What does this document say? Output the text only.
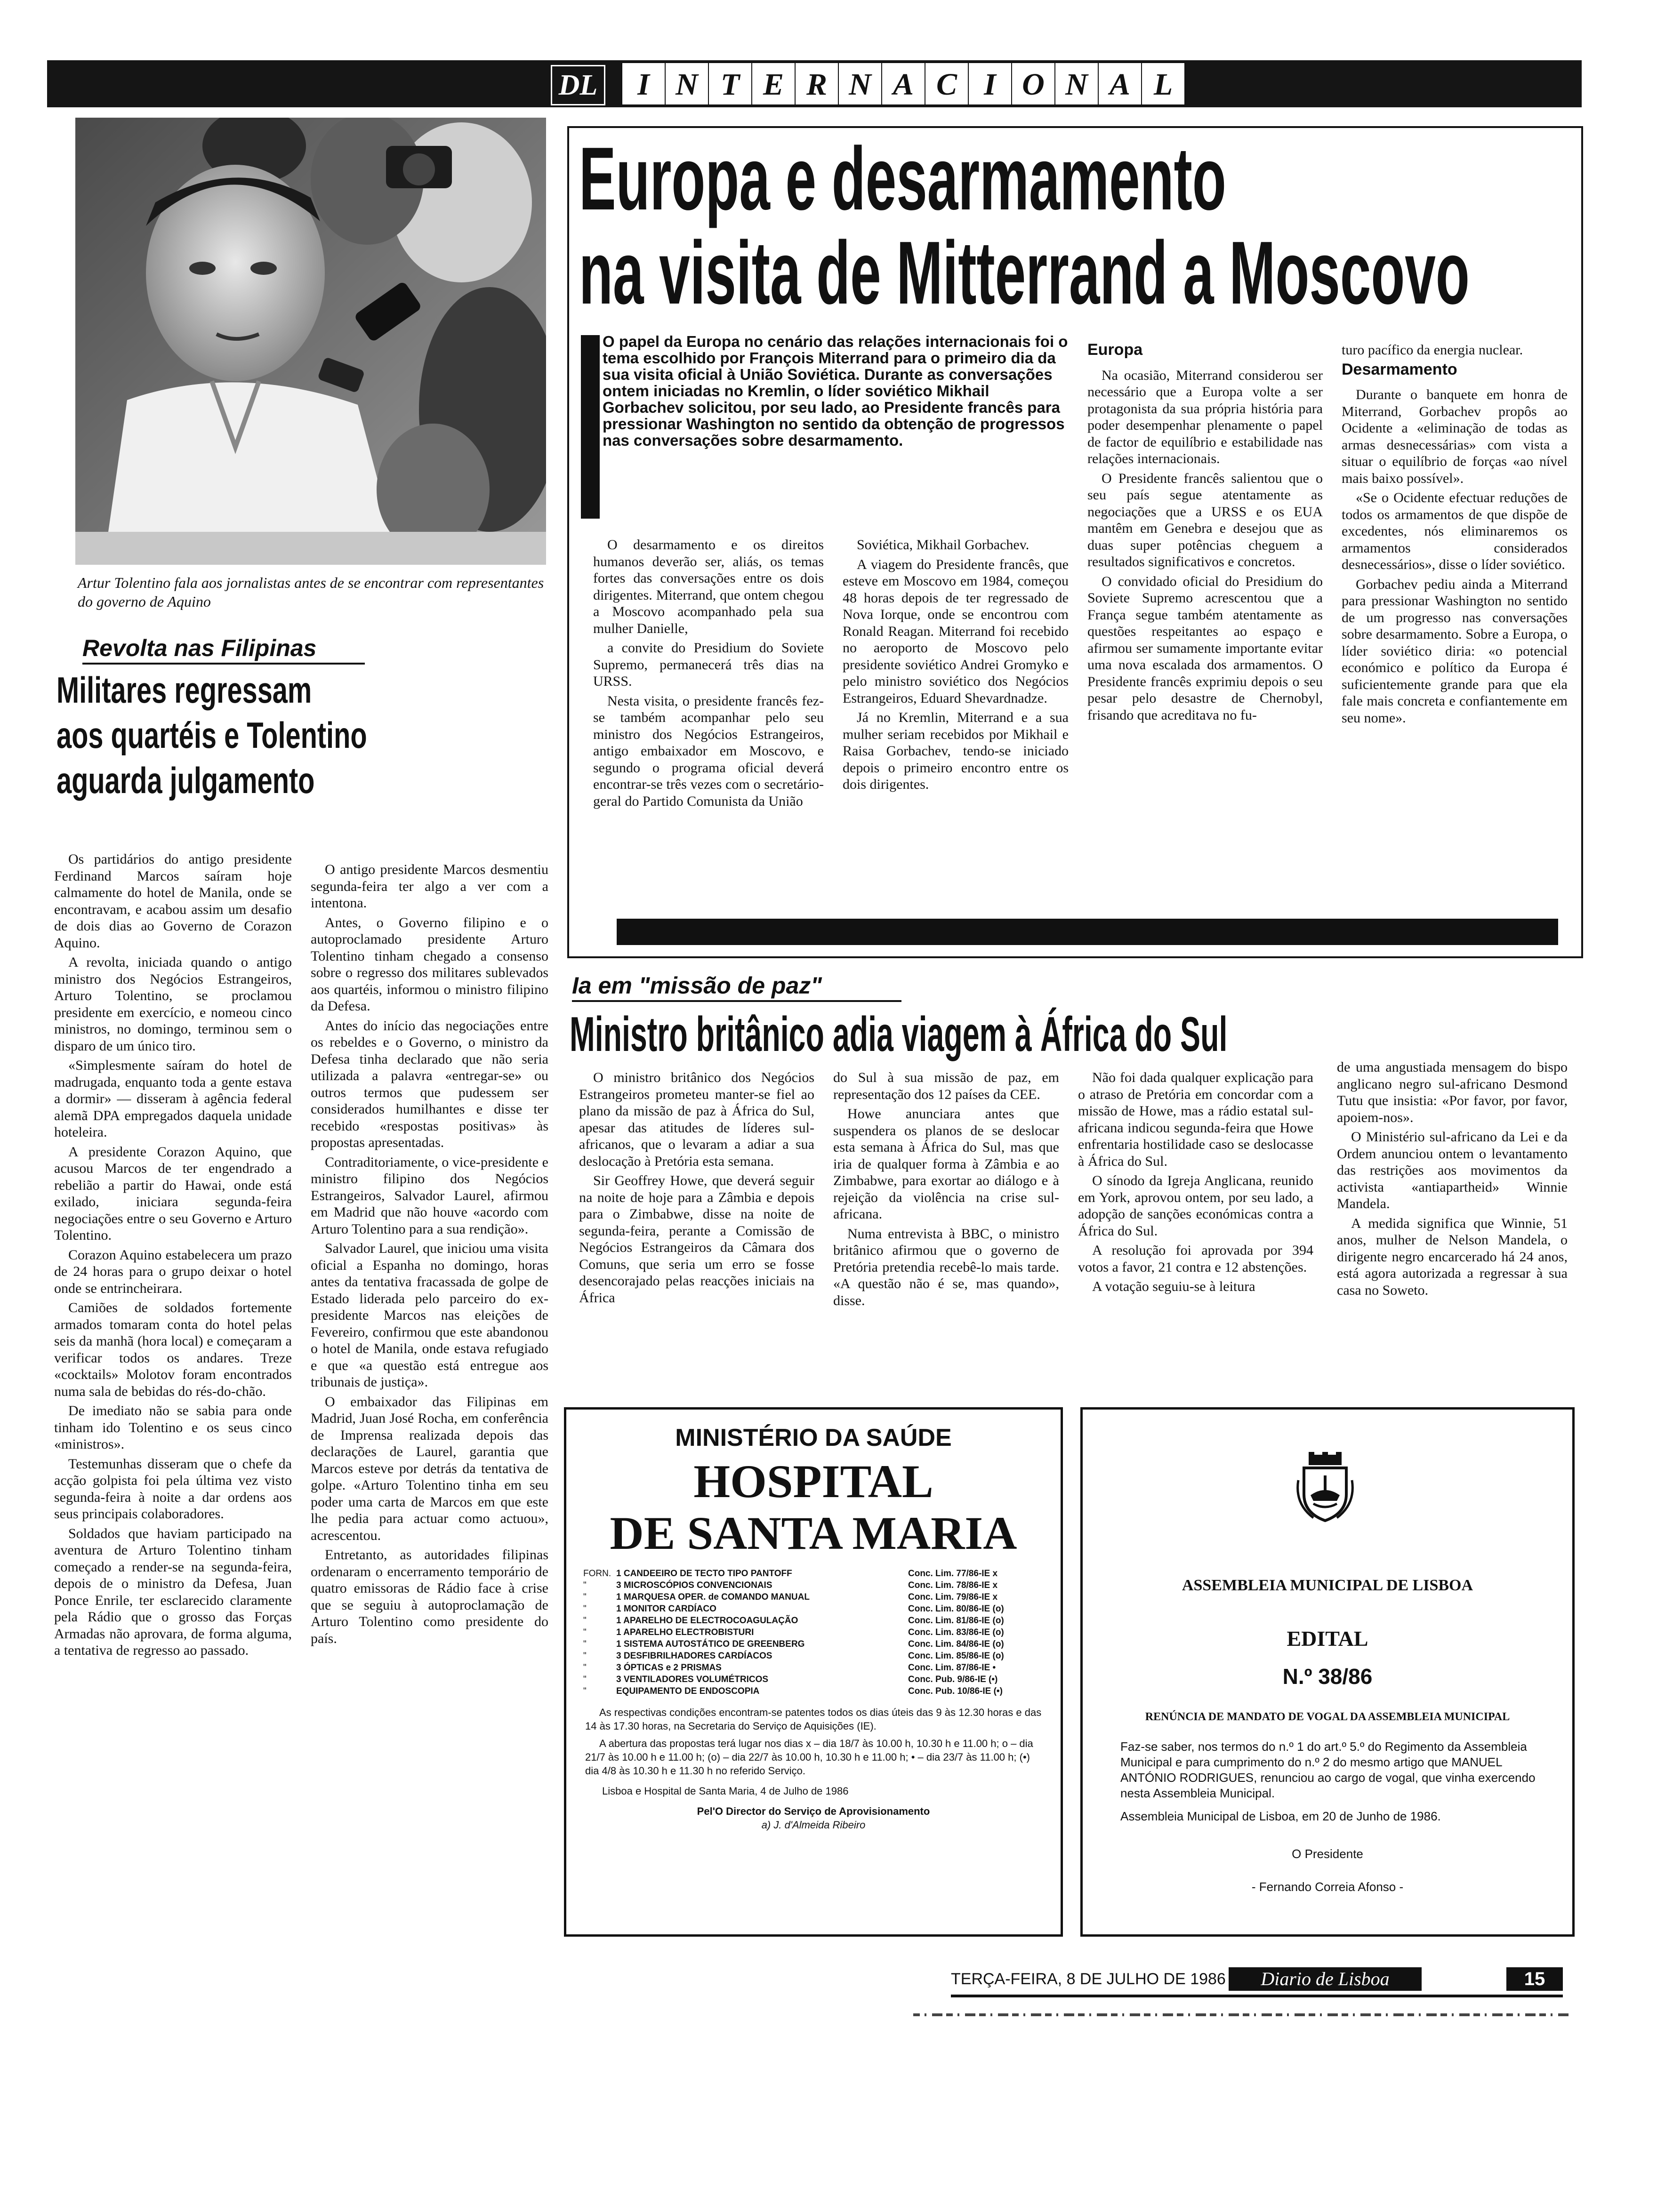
DL	I N T E R N A C I O N A L
Artur Tolentino fala aos jornalistas antes de se encontrar com representantes do governo de Aquino
Revolta nas Filipinas
Militares regressam
aos quartéis e Tolentino
aguarda julgamento

Os partidários do antigo presidente Ferdinand Marcos saíram hoje calmamente do hotel de Manila, onde se encontravam, e acabou assim um desafio de dois dias ao Governo de Corazon Aquino.

A revolta, iniciada quando o antigo ministro dos Negócios Estrangeiros, Arturo Tolentino, se proclamou presidente em exercício, e nomeou cinco ministros, no domingo, terminou sem o disparo de um único tiro.

«Simplesmente saíram do hotel de madrugada, enquanto toda a gente estava a dormir» — disseram à agência federal alemã DPA empregados daquela unidade hoteleira.

A presidente Corazon Aquino, que acusou Marcos de ter engendrado a rebelião a partir do Hawai, onde está exilado, iniciara segunda-feira negociações entre o seu Governo e Arturo Tolentino.

Corazon Aquino estabelecera um prazo de 24 horas para o grupo deixar o hotel onde se entrincheirara.

Camiões de soldados fortemente armados tomaram conta do hotel pelas seis da manhã (hora local) e começaram a verificar todos os andares. Treze «cocktails» Molotov foram encontrados numa sala de bebidas do rés-do-chão.

De imediato não se sabia para onde tinham ido Tolentino e os seus cinco «ministros».

Testemunhas disseram que o chefe da acção golpista foi pela última vez visto segunda-feira à noite a dar ordens aos seus principais colaboradores.

Soldados que haviam participado na aventura de Arturo Tolentino tinham começado a render-se na segunda-feira, depois de o ministro da Defesa, Juan Ponce Enrile, ter esclarecido claramente pela Rádio que o grosso das Forças Armadas não aprovara, de forma alguma, a tentativa de regresso ao passado.

O antigo presidente Marcos desmentiu segunda-feira ter algo a ver com a intentona.

Antes, o Governo filipino e o autoproclamado presidente Arturo Tolentino tinham chegado a consenso sobre o regresso dos militares sublevados aos quartéis, informou o ministro filipino da Defesa.

Antes do início das negociações entre os rebeldes e o Governo, o ministro da Defesa tinha declarado que não seria utilizada a palavra «entregar-se» ou outros termos que pudessem ser considerados humilhantes e disse ter recebido «respostas positivas» às propostas apresentadas.

Contraditoriamente, o vice-presidente e ministro filipino dos Negócios Estrangeiros, Salvador Laurel, afirmou em Madrid que não houve «acordo com Arturo Tolentino para a sua rendição».

Salvador Laurel, que iniciou uma visita oficial a Espanha no domingo, horas antes da tentativa fracassada de golpe de Estado liderada pelo parceiro do ex-presidente Marcos nas eleições de Fevereiro, confirmou que este abandonou o hotel de Manila, onde estava refugiado e que «a questão está entregue aos tribunais de justiça».

O embaixador das Filipinas em Madrid, Juan José Rocha, em conferência de Imprensa realizada depois das declarações de Laurel, garantia que Marcos esteve por detrás da tentativa de golpe. «Arturo Tolentino tinha em seu poder uma carta de Marcos em que este lhe pedia para actuar como actuou», acrescentou.

Entretanto, as autoridades filipinas ordenaram o encerramento temporário de quatro emissoras de Rádio face à crise que se seguiu à autoproclamação de Arturo Tolentino como presidente do país.

Europa e desarmamento
na visita de Mitterrand a Moscovo
O papel da Europa no cenário das relações internacionais foi o tema escolhido por François Miterrand para o primeiro dia da sua visita oficial à União Soviética. Durante as conversações ontem iniciadas no Kremlin, o líder soviético Mikhail Gorbachev solicitou, por seu lado, ao Presidente francês para pressionar Washington no sentido da obtenção de progressos nas conversações sobre desarmamento.

O desarmamento e os direitos humanos deverão ser, aliás, os temas fortes das conversações entre os dois dirigentes. Miterrand, que ontem chegou a Moscovo acompanhado pela sua mulher Danielle,

a convite do Presidium do Soviete Supremo, permanecerá três dias na URSS.

Nesta visita, o presidente francês fez-se também acompanhar pelo seu ministro dos Negócios Estrangeiros, antigo embaixador em Moscovo, e segundo o programa oficial deverá encontrar-se três vezes com o secretário-geral do Partido Comunista da União

Soviética, Mikhail Gorbachev.

A viagem do Presidente francês, que esteve em Moscovo em 1984, começou 48 horas depois de ter regressado de Nova Iorque, onde se encontrou com Ronald Reagan. Miterrand foi recebido no aeroporto de Moscovo pelo presidente soviético Andrei Gromyko e pelo ministro soviético dos Negócios Estrangeiros, Eduard Shevardnadze.

Já no Kremlin, Miterrand e a sua mulher seriam recebidos por Mikhail e Raisa Gorbachev, tendo-se iniciado depois o primeiro encontro entre os dois dirigentes.

Europa

Na ocasião, Miterrand considerou ser necessário que a Europa volte a ser protagonista da sua própria história para poder desempenhar plenamente o papel de factor de equilíbrio e estabilidade nas relações internacionais.

O Presidente francês salientou que o seu país segue atentamente as negociações que a URSS e os EUA mantêm em Genebra e desejou que as duas super potências cheguem a resultados significativos e concretos.

O convidado oficial do Presidium do Soviete Supremo acrescentou que a França segue também atentamente as questões respeitantes ao espaço e afirmou ser sumamente importante evitar uma nova escalada dos armamentos. O Presidente francês exprimiu depois o seu pesar pelo desastre de Chernobyl, frisando que acreditava no fu-

turo pacífico da energia nuclear.

Desarmamento

Durante o banquete em honra de Miterrand, Gorbachev propôs ao Ocidente a «eliminação de todas as armas desnecessárias» com vista a situar o equilíbrio de forças «ao nível mais baixo possível».

«Se o Ocidente efectuar reduções de todos os armamentos de que dispõe de excedentes, nós eliminaremos os armamentos considerados desnecessários», disse o líder soviético.

Gorbachev pediu ainda a Miterrand para pressionar Washington no sentido de um progresso nas conversações sobre desarmamento. Sobre a Europa, o líder soviético diria: «o potencial económico e político da Europa é suficientemente grande para que ela fale mais concreta e confiantemente em seu nome».

Ia em "missão de paz"
Ministro britânico adia viagem à África do Sul

O ministro britânico dos Negócios Estrangeiros prometeu manter-se fiel ao plano da missão de paz à África do Sul, apesar das atitudes de líderes sul-africanos, que o levaram a adiar a sua deslocação à Pretória esta semana.

Sir Geoffrey Howe, que deverá seguir na noite de hoje para a Zâmbia e depois para o Zimbabwe, disse na noite de segunda-feira, perante a Comissão de Negócios Estrangeiros da Câmara dos Comuns, que seria um erro se fosse desencorajado pelas reacções iniciais na África

do Sul à sua missão de paz, em representação dos 12 países da CEE.

Howe anunciara antes que suspendera os planos de se deslocar esta semana à África do Sul, mas que iria de qualquer forma à Zâmbia e ao Zimbabwe, para exortar ao diálogo e à rejeição da violência na crise sul-africana.

Numa entrevista à BBC, o ministro britânico afirmou que o governo de Pretória pretendia recebê-lo mais tarde. «A questão não é se, mas quando», disse.

Não foi dada qualquer explicação para o atraso de Pretória em concordar com a missão de Howe, mas a rádio estatal sul-africana indicou segunda-feira que Howe enfrentaria hostilidade caso se deslocasse à África do Sul.

O sínodo da Igreja Anglicana, reunido em York, aprovou ontem, por seu lado, a adopção de sanções económicas contra a África do Sul.

A resolução foi aprovada por 394 votos a favor, 21 contra e 12 abstenções.

A votação seguiu-se à leitura

de uma angustiada mensagem do bispo anglicano negro sul-africano Desmond Tutu que insistia: «Por favor, por favor, apoiem-nos».

O Ministério sul-africano da Lei e da Ordem anunciou ontem o levantamento das restrições aos movimentos da activista «antiapartheid» Winnie Mandela.

A medida significa que Winnie, 51 anos, mulher de Nelson Mandela, o dirigente negro encarcerado há 24 anos, está agora autorizada a regressar à sua casa no Soweto.

MINISTÉRIO DA SAÚDE
HOSPITAL
DE SANTA MARIA
FORN. 1 CANDEEIRO DE TECTO TIPO PANTOFF	Conc. Lim. 77/86-IE x
"	3 MICROSCÓPIOS CONVENCIONAIS	Conc. Lim. 78/86-IE x
"	1 MARQUESA OPER. de COMANDO MANUAL	Conc. Lim. 79/86-IE x
"	1 MONITOR CARDÍACO	Conc. Lim. 80/86-IE (o)
"	1 APARELHO DE ELECTROCOAGULAÇÃO	Conc. Lim. 81/86-IE (o)
"	1 APARELHO ELECTROBISTURI	Conc. Lim. 83/86-IE (o)
"	1 SISTEMA AUTOSTÁTICO DE GREENBERG	Conc. Lim. 84/86-IE (o)
"	3 DESFIBRILHADORES CARDÍACOS	Conc. Lim. 85/86-IE (o)
"	3 ÓPTICAS e 2 PRISMAS	Conc. Lim. 87/86-IE •
"	3 VENTILADORES VOLUMÉTRICOS	Conc. Pub. 9/86-IE (•)
"	EQUIPAMENTO DE ENDOSCOPIA	Conc. Pub. 10/86-IE (•)
As respectivas condições encontram-se patentes todos os dias úteis das 9 às 12.30 horas e das 14 às 17.30 horas, na Secretaria do Serviço de Aquisições (IE).
A abertura das propostas terá lugar nos dias x – dia 18/7 às 10.00 h, 10.30 h e 11.00 h; o – dia 21/7 às 10.00 h e 11.00 h; (o) – dia 22/7 às 10.00 h, 10.30 h e 11.00 h; • – dia 23/7 às 11.00 h; (•) dia 4/8 às 10.30 h e 11.30 h no referido Serviço.
Lisboa e Hospital de Santa Maria, 4 de Julho de 1986
Pel'O Director do Serviço de Aprovisionamento
a) J. d'Almeida Ribeiro
ASSEMBLEIA MUNICIPAL DE LISBOA
EDITAL
N.º 38/86
RENÚNCIA DE MANDATO DE VOGAL DA ASSEMBLEIA MUNICIPAL
Faz-se saber, nos termos do n.º 1 do art.º 5.º do Regimento da Assembleia Municipal e para cumprimento do n.º 2 do mesmo artigo que MANUEL ANTÓNIO RODRIGUES, renunciou ao cargo de vogal, que vinha exercendo nesta Assembleia Municipal.
Assembleia Municipal de Lisboa, em 20 de Junho de 1986.
O Presidente
- Fernando Correia Afonso -
TERÇA-FEIRA, 8 DE JULHO DE 1986	Diario de Lisboa	15
